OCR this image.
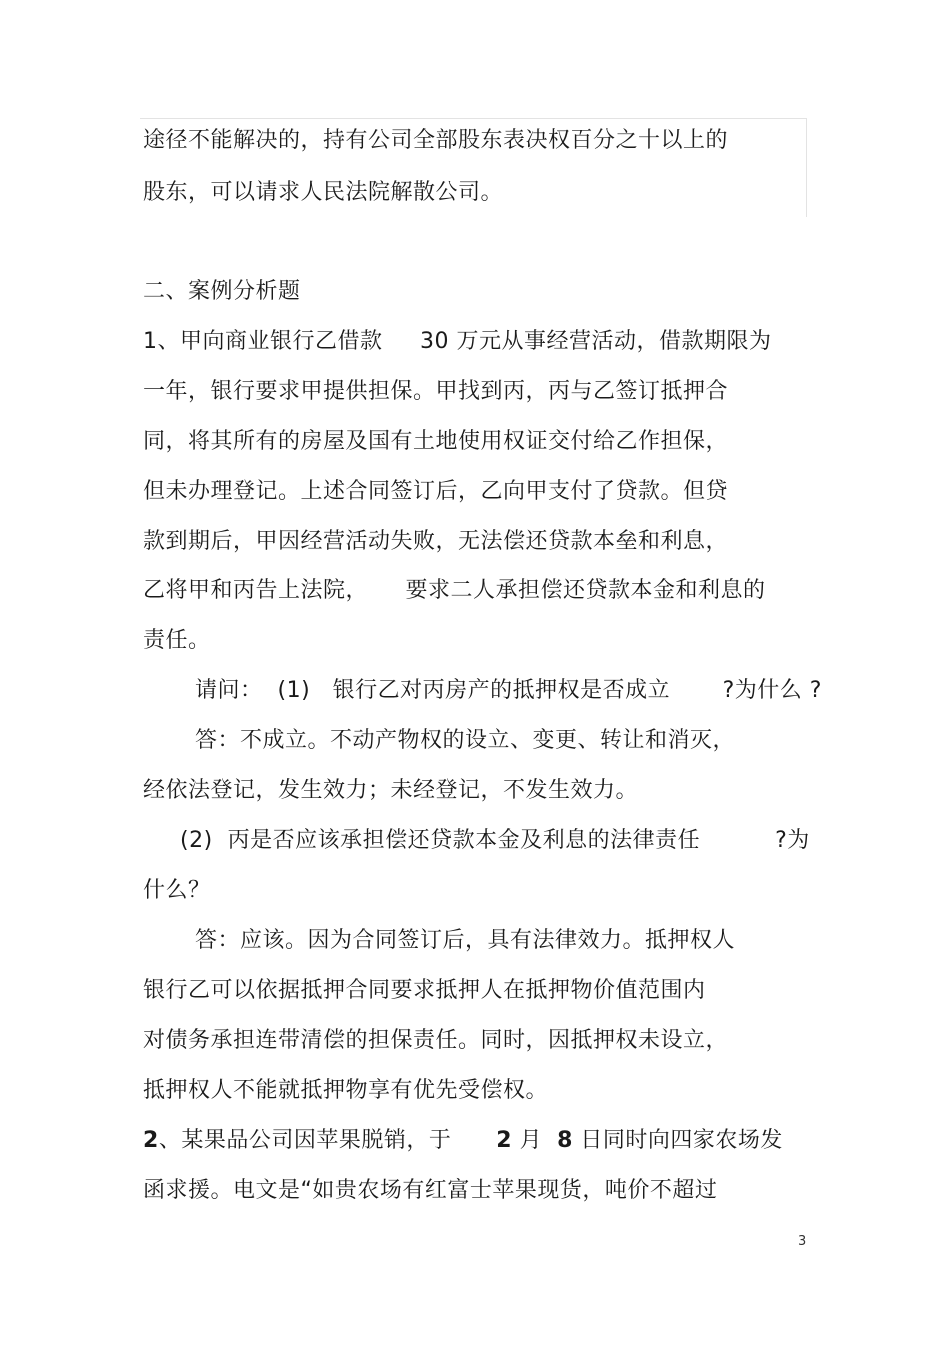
途径不能解决的，持有公司全部股东表决权百分之十以上的
股东，可以请求人民法院解散公司。
二、案例分析题
1、甲向商业银行乙借款     30 万元从事经营活动，借款期限为
一年，银行要求甲提供担保。甲找到丙，丙与乙签订抵押合
同，将其所有的房屋及国有土地使用权证交付给乙作担保，
但未办理登记。上述合同签订后，乙向甲支付了贷款。但贷
款到期后，甲因经营活动失败，无法偿还贷款本垒和利息，
乙将甲和丙告上法院，     要求二人承担偿还贷款本金和利息的
责任。
请问：  (1)   银行乙对丙房产的抵押权是否成立       ?为什么 ?
答：不成立。不动产物权的设立、变更、转让和消灭，
经依法登记，发生效力；未经登记，不发生效力。
(2)  丙是否应该承担偿还贷款本金及利息的法律责任          ?为
什么？
答：应该。因为合同签订后，具有法律效力。抵押权人
银行乙可以依据抵押合同要求抵押人在抵押物价值范围内
对债务承担连带清偿的担保责任。同时，因抵押权未设立，
抵押权人不能就抵押物享有优先受偿权。
2、某果品公司因苹果脱销，于      2 月  8 日同时向四家农场发
函求援。电文是“如贵农场有红富士苹果现货，吨价不超过
3
